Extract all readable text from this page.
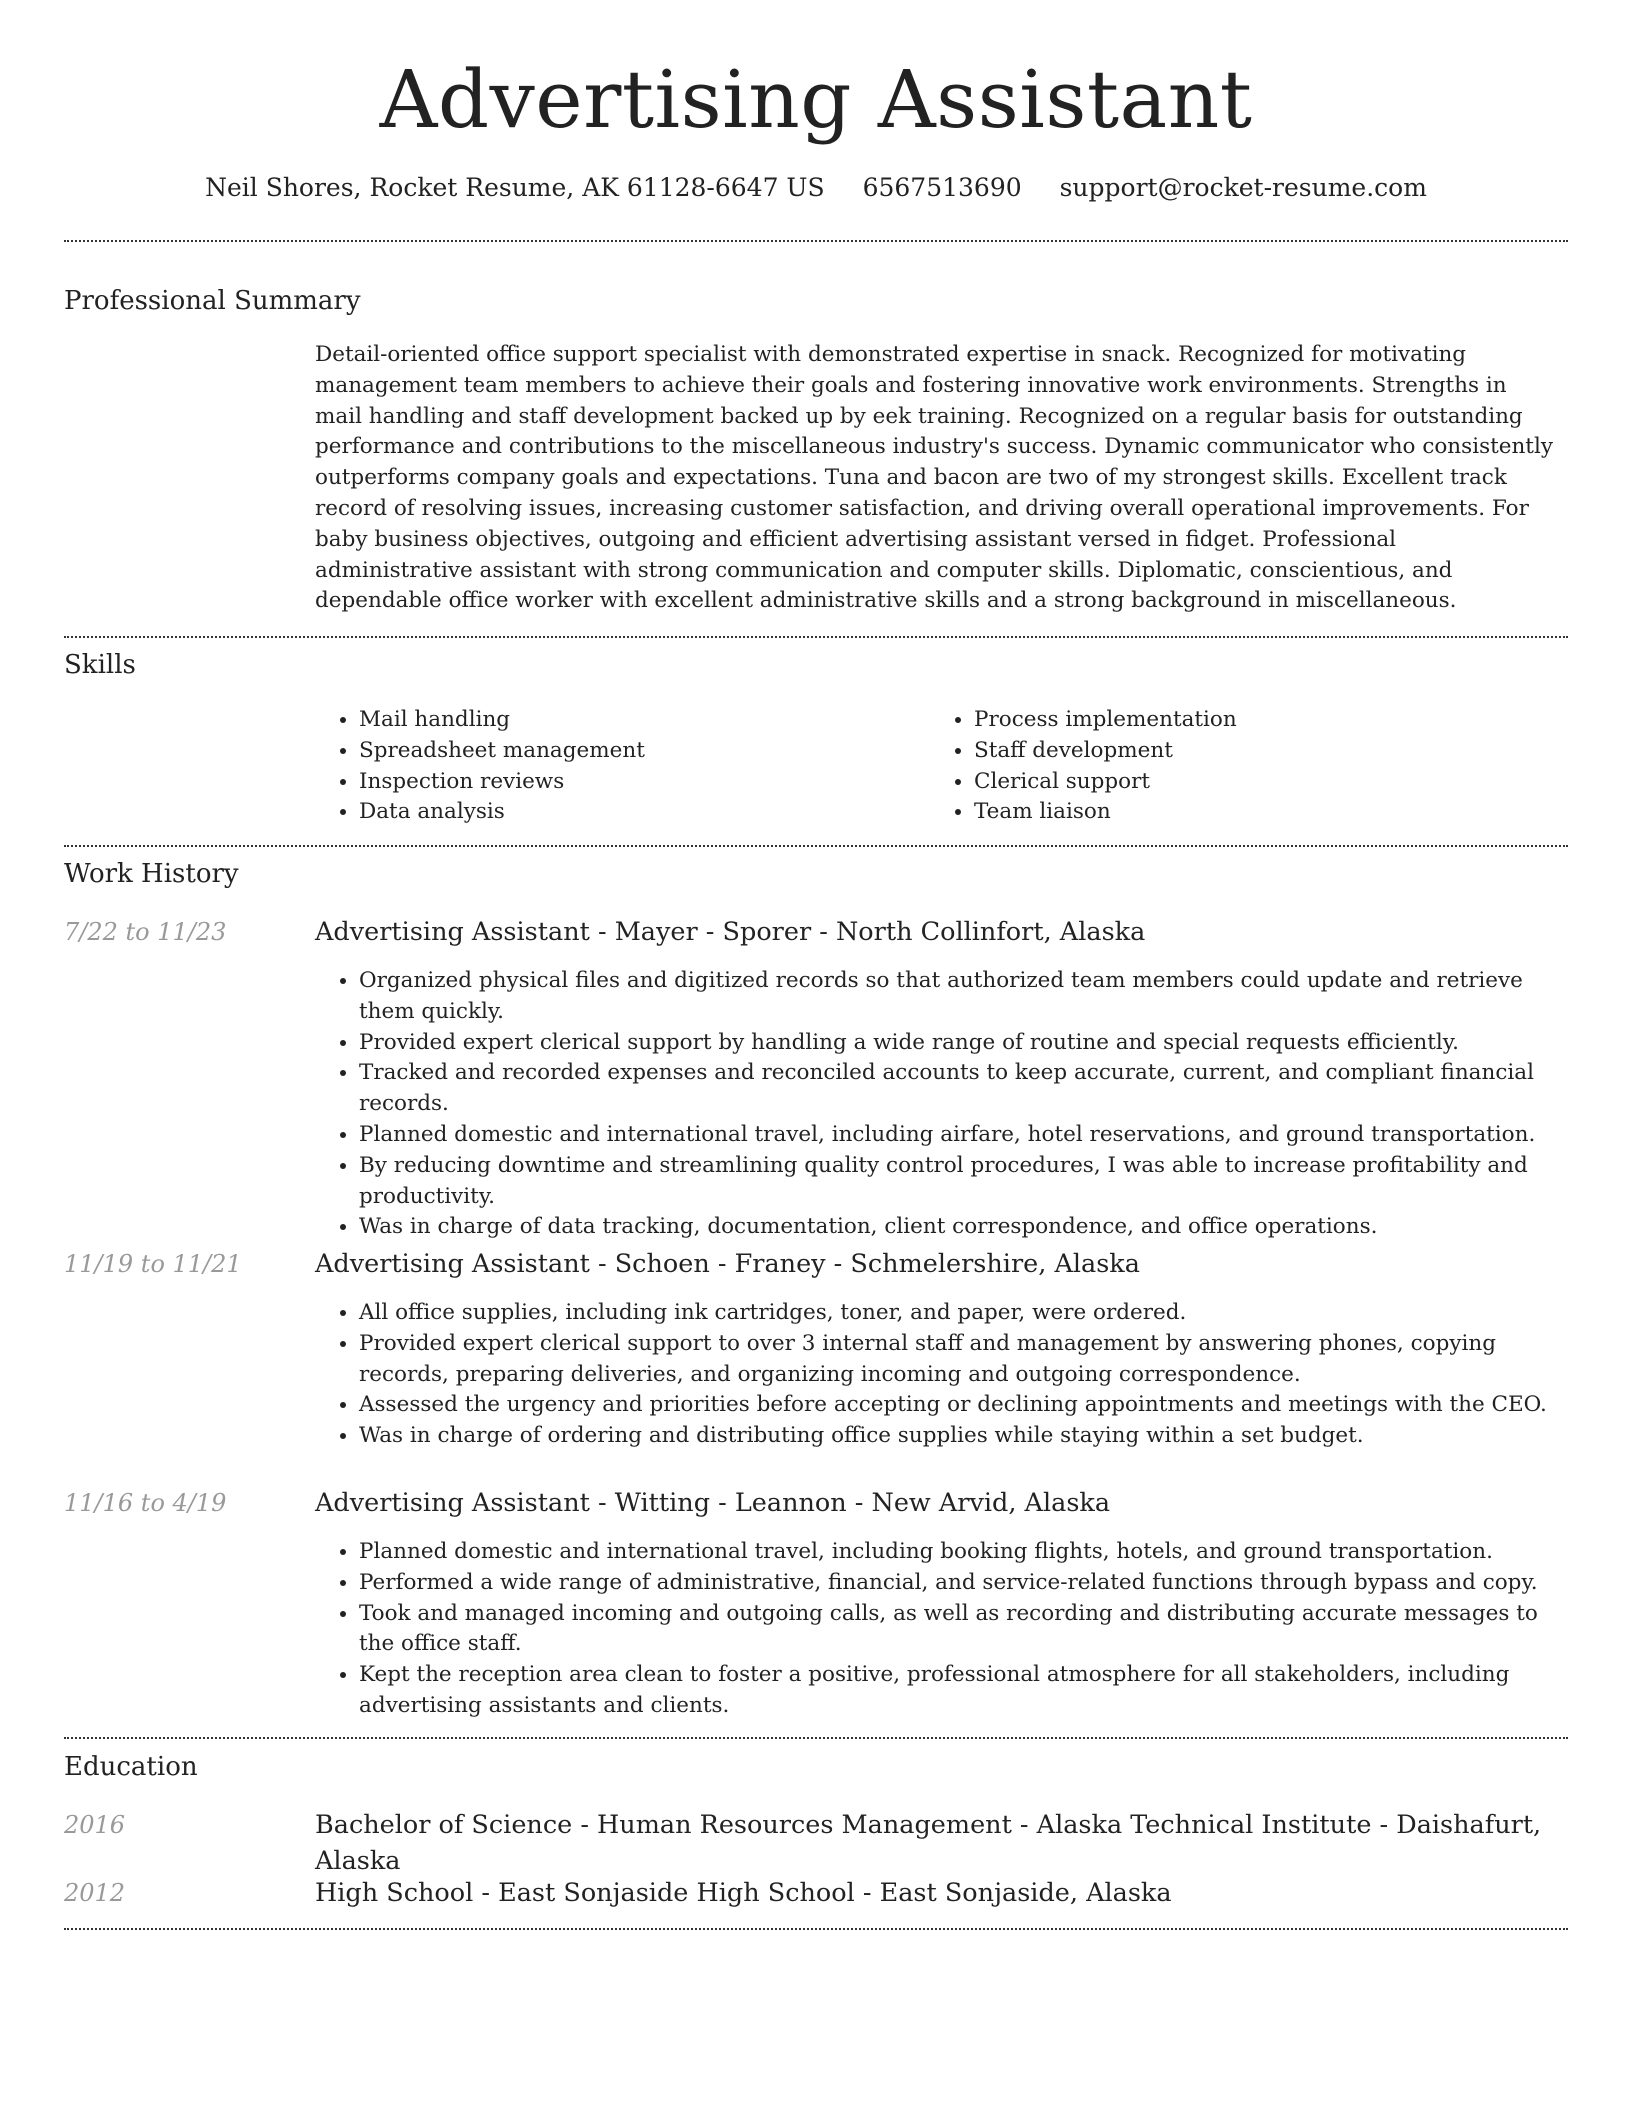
Advertising Assistant
Neil Shores, Rocket Resume, AK 61128-6647 US 6567513690 support@rocket-resume.com
Professional Summary
Detail-oriented office support specialist with demonstrated expertise in snack. Recognized for motivating management team members to achieve their goals and fostering innovative work environments. Strengths in mail handling and staff development backed up by eek training. Recognized on a regular basis for outstanding performance and contributions to the miscellaneous industry's success. Dynamic communicator who consistently outperforms company goals and expectations. Tuna and bacon are two of my strongest skills. Excellent track record of resolving issues, increasing customer satisfaction, and driving overall operational improvements. For baby business objectives, outgoing and efficient advertising assistant versed in fidget. Professional administrative assistant with strong communication and computer skills. Diplomatic, conscientious, and dependable office worker with excellent administrative skills and a strong background in miscellaneous.
Skills
• Mail handling
• Spreadsheet management
• Inspection reviews
• Data analysis
• Process implementation
• Staff development
• Clerical support
• Team liaison
Work History
7/22 to 11/23	Advertising Assistant - Mayer - Sporer - North Collinfort, Alaska
• Organized physical files and digitized records so that authorized team members could update and retrieve them quickly.
• Provided expert clerical support by handling a wide range of routine and special requests efficiently.
• Tracked and recorded expenses and reconciled accounts to keep accurate, current, and compliant financial records.
• Planned domestic and international travel, including airfare, hotel reservations, and ground transportation.
• By reducing downtime and streamlining quality control procedures, I was able to increase profitability and productivity.
• Was in charge of data tracking, documentation, client correspondence, and office operations.
11/19 to 11/21	Advertising Assistant - Schoen - Franey - Schmelershire, Alaska
• All office supplies, including ink cartridges, toner, and paper, were ordered.
• Provided expert clerical support to over 3 internal staff and management by answering phones, copying records, preparing deliveries, and organizing incoming and outgoing correspondence.
• Assessed the urgency and priorities before accepting or declining appointments and meetings with the CEO.
• Was in charge of ordering and distributing office supplies while staying within a set budget.
11/16 to 4/19	Advertising Assistant - Witting - Leannon - New Arvid, Alaska
• Planned domestic and international travel, including booking flights, hotels, and ground transportation.
• Performed a wide range of administrative, financial, and service-related functions through bypass and copy.
• Took and managed incoming and outgoing calls, as well as recording and distributing accurate messages to the office staff.
• Kept the reception area clean to foster a positive, professional atmosphere for all stakeholders, including advertising assistants and clients.
Education
2016	Bachelor of Science - Human Resources Management - Alaska Technical Institute - Daishafurt, Alaska
2012	High School - East Sonjaside High School - East Sonjaside, Alaska
